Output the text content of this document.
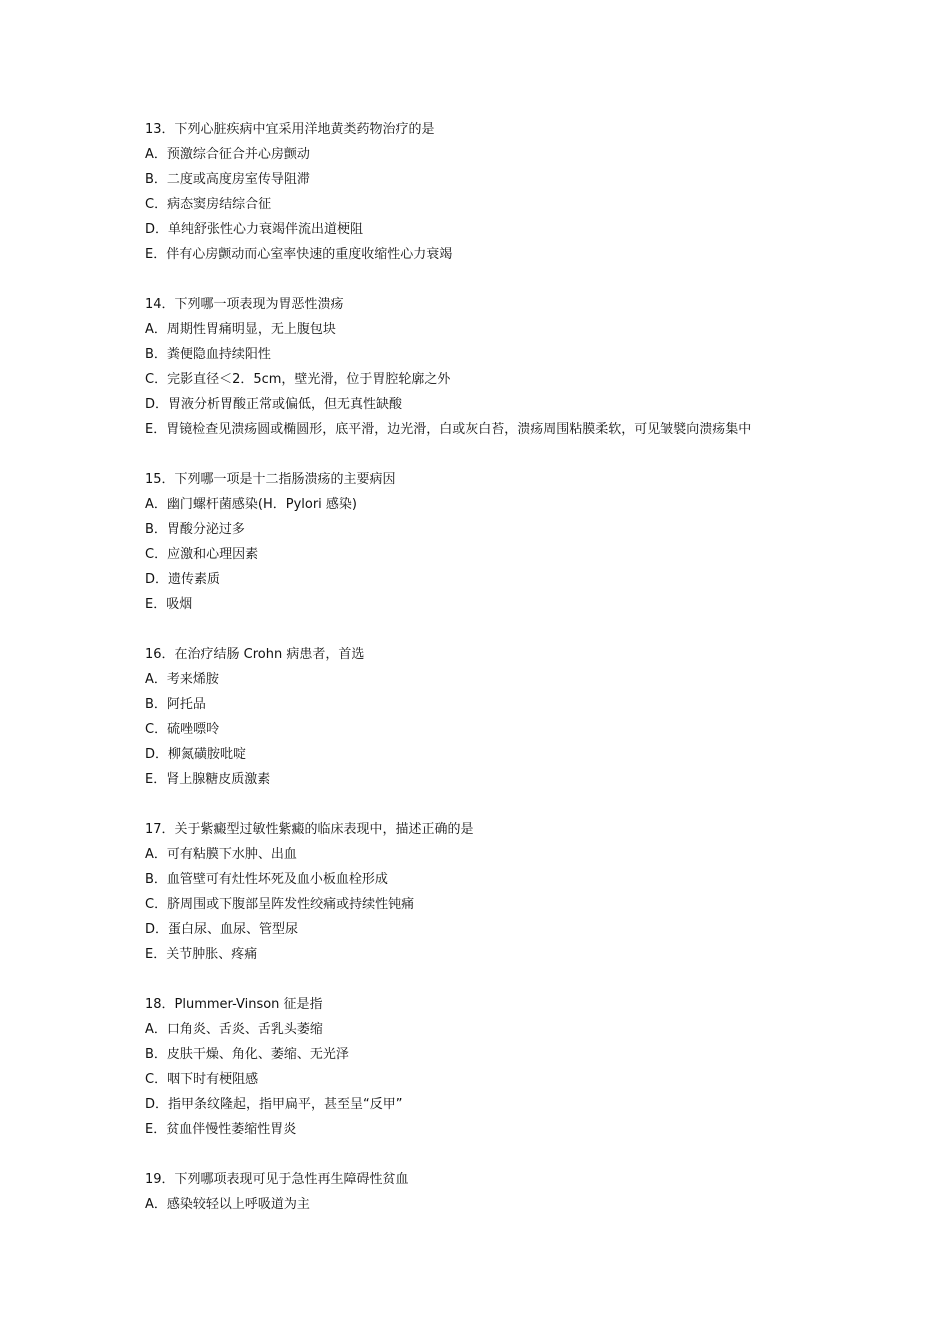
13．下列心脏疾病中宜采用洋地黄类药物治疗的是
A．预激综合征合并心房颤动
B．二度或高度房室传导阻滞
C．病态窦房结综合征
D．单纯舒张性心力衰竭伴流出道梗阻
E．伴有心房颤动而心室率快速的重度收缩性心力衰竭
14．下列哪一项表现为胃恶性溃疡
A．周期性胃痛明显，无上腹包块
B．粪便隐血持续阳性
C．完影直径＜2．5cm，壁光滑，位于胃腔轮廓之外
D．胃液分析胃酸正常或偏低，但无真性缺酸
E．胃镜检查见溃疡圆或椭圆形，底平滑，边光滑，白或灰白苔，溃疡周围粘膜柔软，可见皱襞向溃疡集中
15．下列哪一项是十二指肠溃疡的主要病因
A．幽门螺杆菌感染(H．Pylori 感染)
B．胃酸分泌过多
C．应激和心理因素
D．遗传素质
E．吸烟
16．在治疗结肠 Crohn 病患者，首选
A．考来烯胺
B．阿托品
C．硫唑嘌呤
D．柳氮磺胺吡啶
E．肾上腺糖皮质激素
17．关于紫癜型过敏性紫癜的临床表现中，描述正确的是
A．可有粘膜下水肿、出血
B．血管壁可有灶性坏死及血小板血栓形成
C．脐周围或下腹部呈阵发性绞痛或持续性钝痛
D．蛋白尿、血尿、管型尿
E．关节肿胀、疼痛
18．Plummer-Vinson 征是指
A．口角炎、舌炎、舌乳头萎缩
B．皮肤干燥、角化、萎缩、无光泽
C．咽下时有梗阻感
D．指甲条纹隆起，指甲扁平，甚至呈“反甲”
E．贫血伴慢性萎缩性胃炎
19．下列哪项表现可见于急性再生障碍性贫血
A．感染较轻以上呼吸道为主
